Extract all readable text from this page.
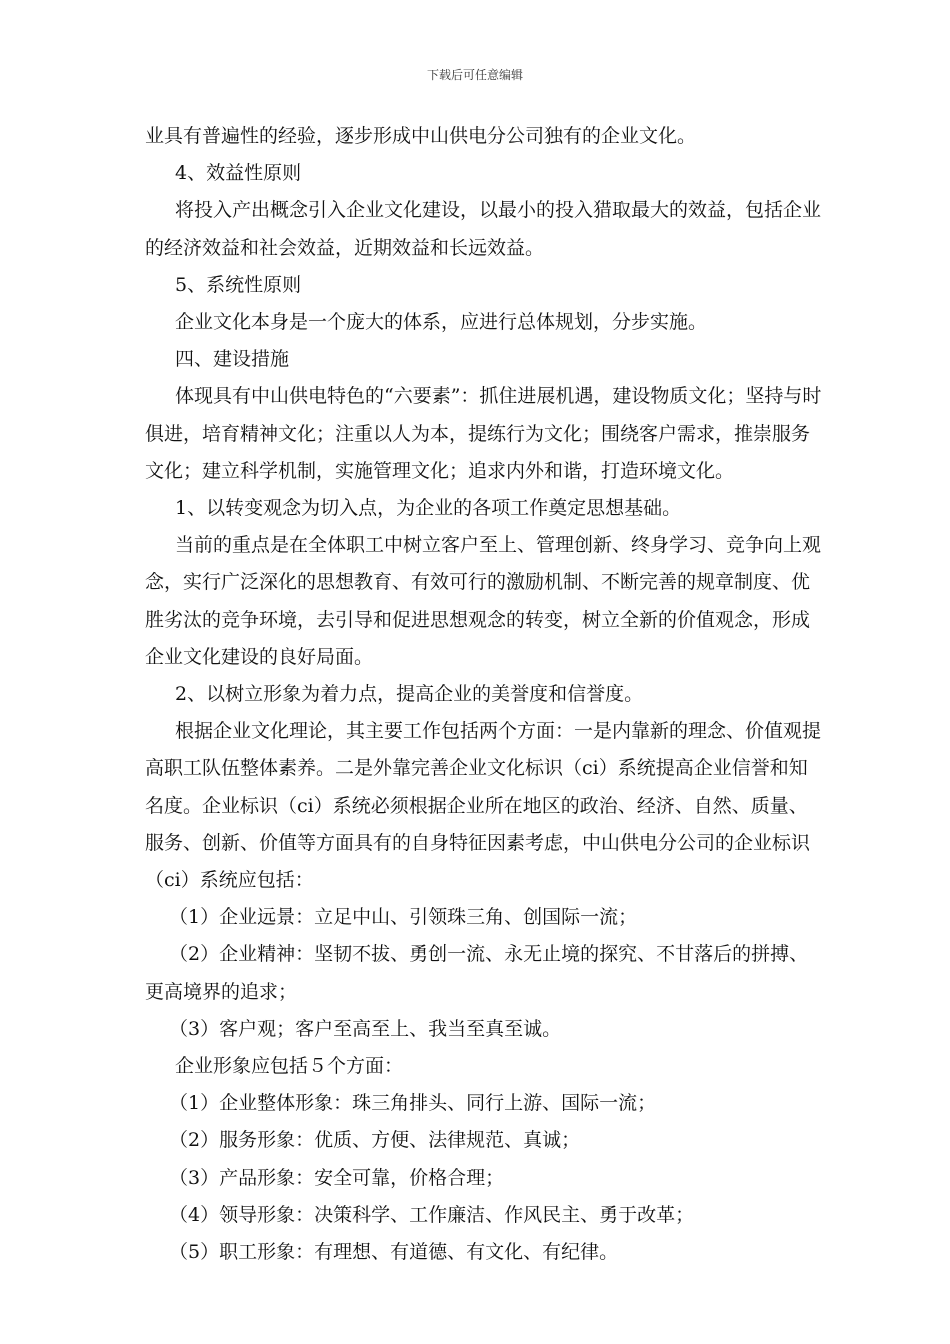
下载后可任意编辑

业具有普遍性的经验，逐步形成中山供电分公司独有的企业文化。

4、效益性原则

将投入产出概念引入企业文化建设，以最小的投入猎取最大的效益，包括企业的经济效益和社会效益，近期效益和长远效益。

5、系统性原则

企业文化本身是一个庞大的体系，应进行总体规划，分步实施。

四、建设措施

体现具有中山供电特色的“六要素”：抓住进展机遇，建设物质文化；坚持与时俱进，培育精神文化；注重以人为本，提练行为文化；围绕客户需求，推崇服务文化；建立科学机制，实施管理文化；追求内外和谐，打造环境文化。

1、以转变观念为切入点，为企业的各项工作奠定思想基础。

当前的重点是在全体职工中树立客户至上、管理创新、终身学习、竞争向上观念，实行广泛深化的思想教育、有效可行的激励机制、不断完善的规章制度、优胜劣汰的竞争环境，去引导和促进思想观念的转变，树立全新的价值观念，形成企业文化建设的良好局面。

2、以树立形象为着力点，提高企业的美誉度和信誉度。

根据企业文化理论，其主要工作包括两个方面：一是内靠新的理念、价值观提高职工队伍整体素养。二是外靠完善企业文化标识（ci）系统提高企业信誉和知名度。企业标识（ci）系统必须根据企业所在地区的政治、经济、自然、质量、服务、创新、价值等方面具有的自身特征因素考虑，中山供电分公司的企业标识（ci）系统应包括：

（1）企业远景：立足中山、引领珠三角、创国际一流；

（2）企业精神：坚韧不拔、勇创一流、永无止境的探究、不甘落后的拼搏、更高境界的追求；

（3）客户观；客户至高至上、我当至真至诚。

企业形象应包括５个方面：

（1）企业整体形象：珠三角排头、同行上游、国际一流；

（2）服务形象：优质、方便、法律规范、真诚；

（3）产品形象：安全可靠，价格合理；

（4）领导形象：决策科学、工作廉洁、作风民主、勇于改革；

（5）职工形象：有理想、有道德、有文化、有纪律。
